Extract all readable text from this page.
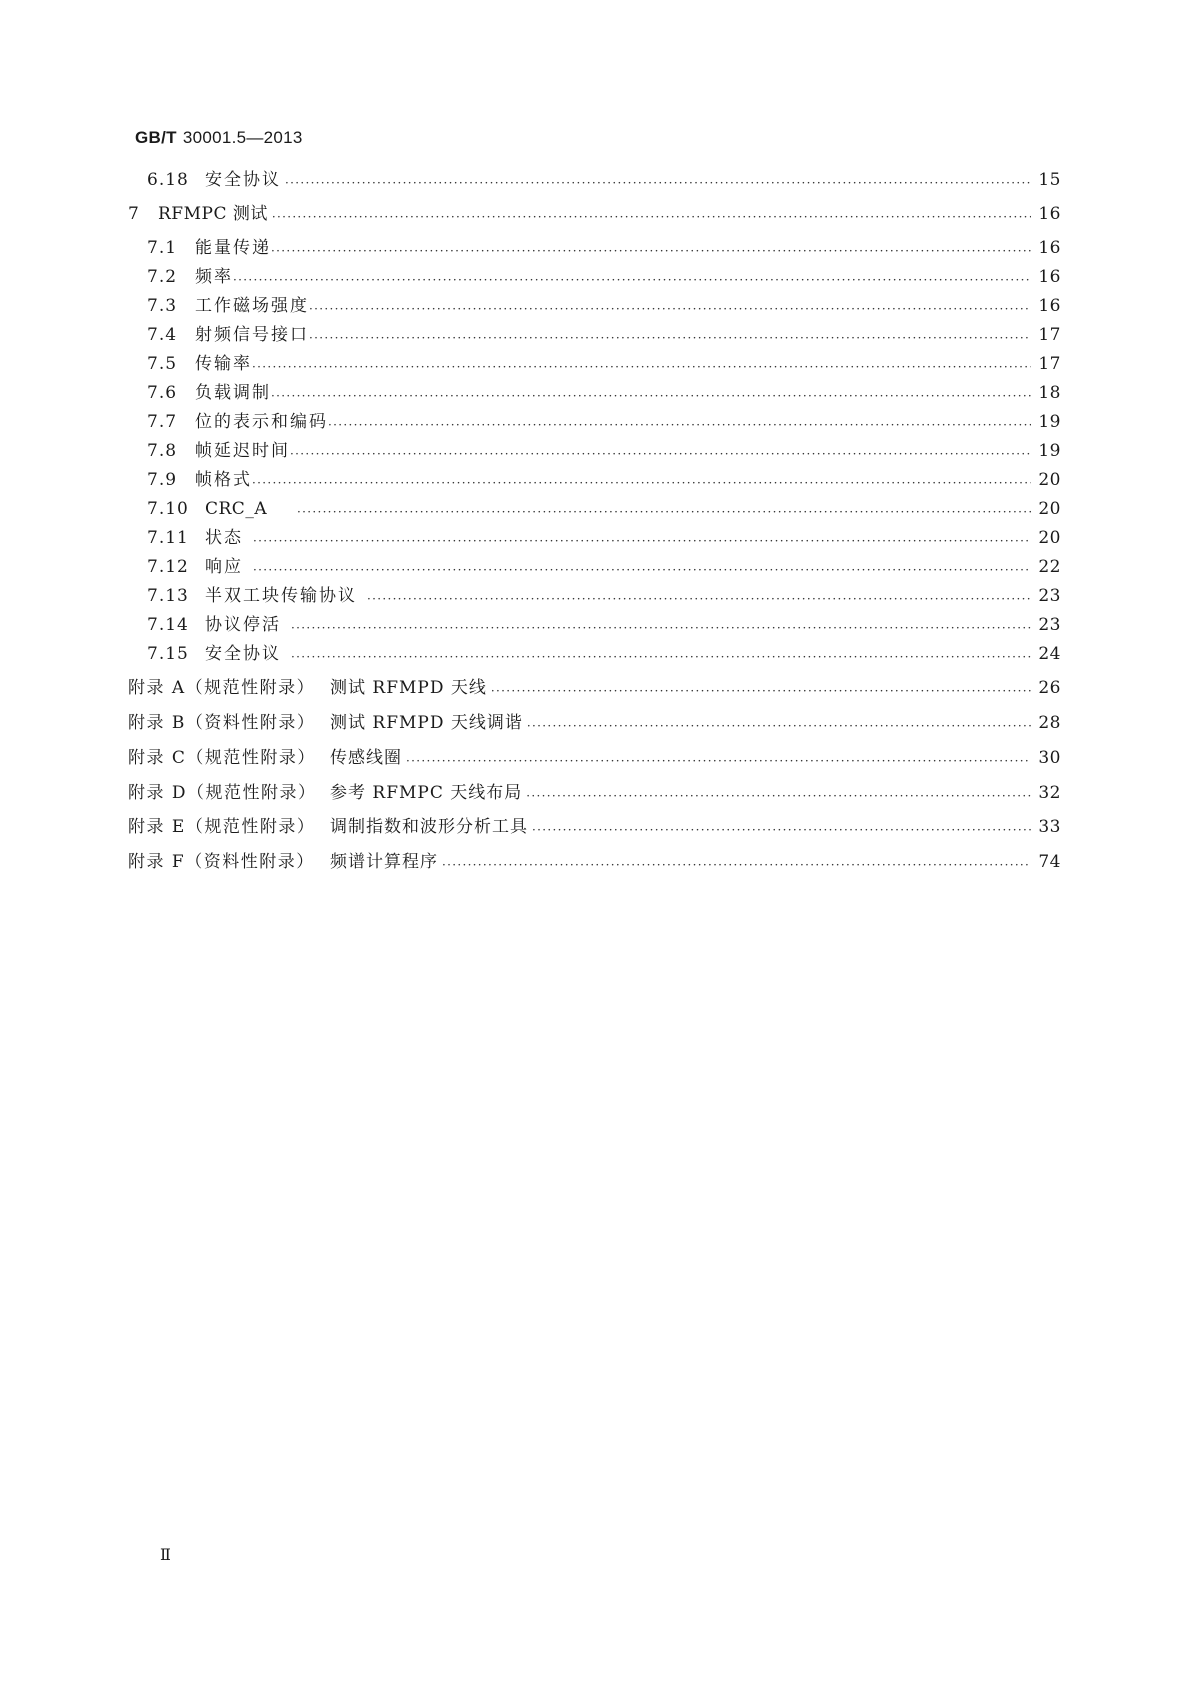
GB/T 30001.5—2013
6.18 安全协议 ·····	15
7	RFMPC 测试 ·····	16
7.1	能量传递 ·····	16
7.2	频率 ·····	16
7.3	工作磁场强度 ·····	16
7.4	射频信号接口 ·····	17
7.5	传输率 ·····	17
7.6	负载调制 ·····	18
7.7	位的表示和编码 ·····	19
7.8	帧延迟时间 ·····	19
7.9	帧格式 ·····	20
7.10 CRC_A ·····	20
7.11 状态 ·····	20
7.12 响应 ·····	22
7.13 半双工块传输协议 ·····	23
7.14 协议停活 ·····	23
7.15 安全协议 ·····	24
附录 A（规范性附录） 测试 RFMPD 天线 ·····	26
附录 B（资料性附录） 测试 RFMPD 天线调谐 ·····	28
附录 C（规范性附录） 传感线圈 ·····	30
附录 D（规范性附录） 参考 RFMPC 天线布局 ·····	32
附录 E（规范性附录） 调制指数和波形分析工具 ·····	33
附录 F（资料性附录） 频谱计算程序 ·····	74
Ⅱ
